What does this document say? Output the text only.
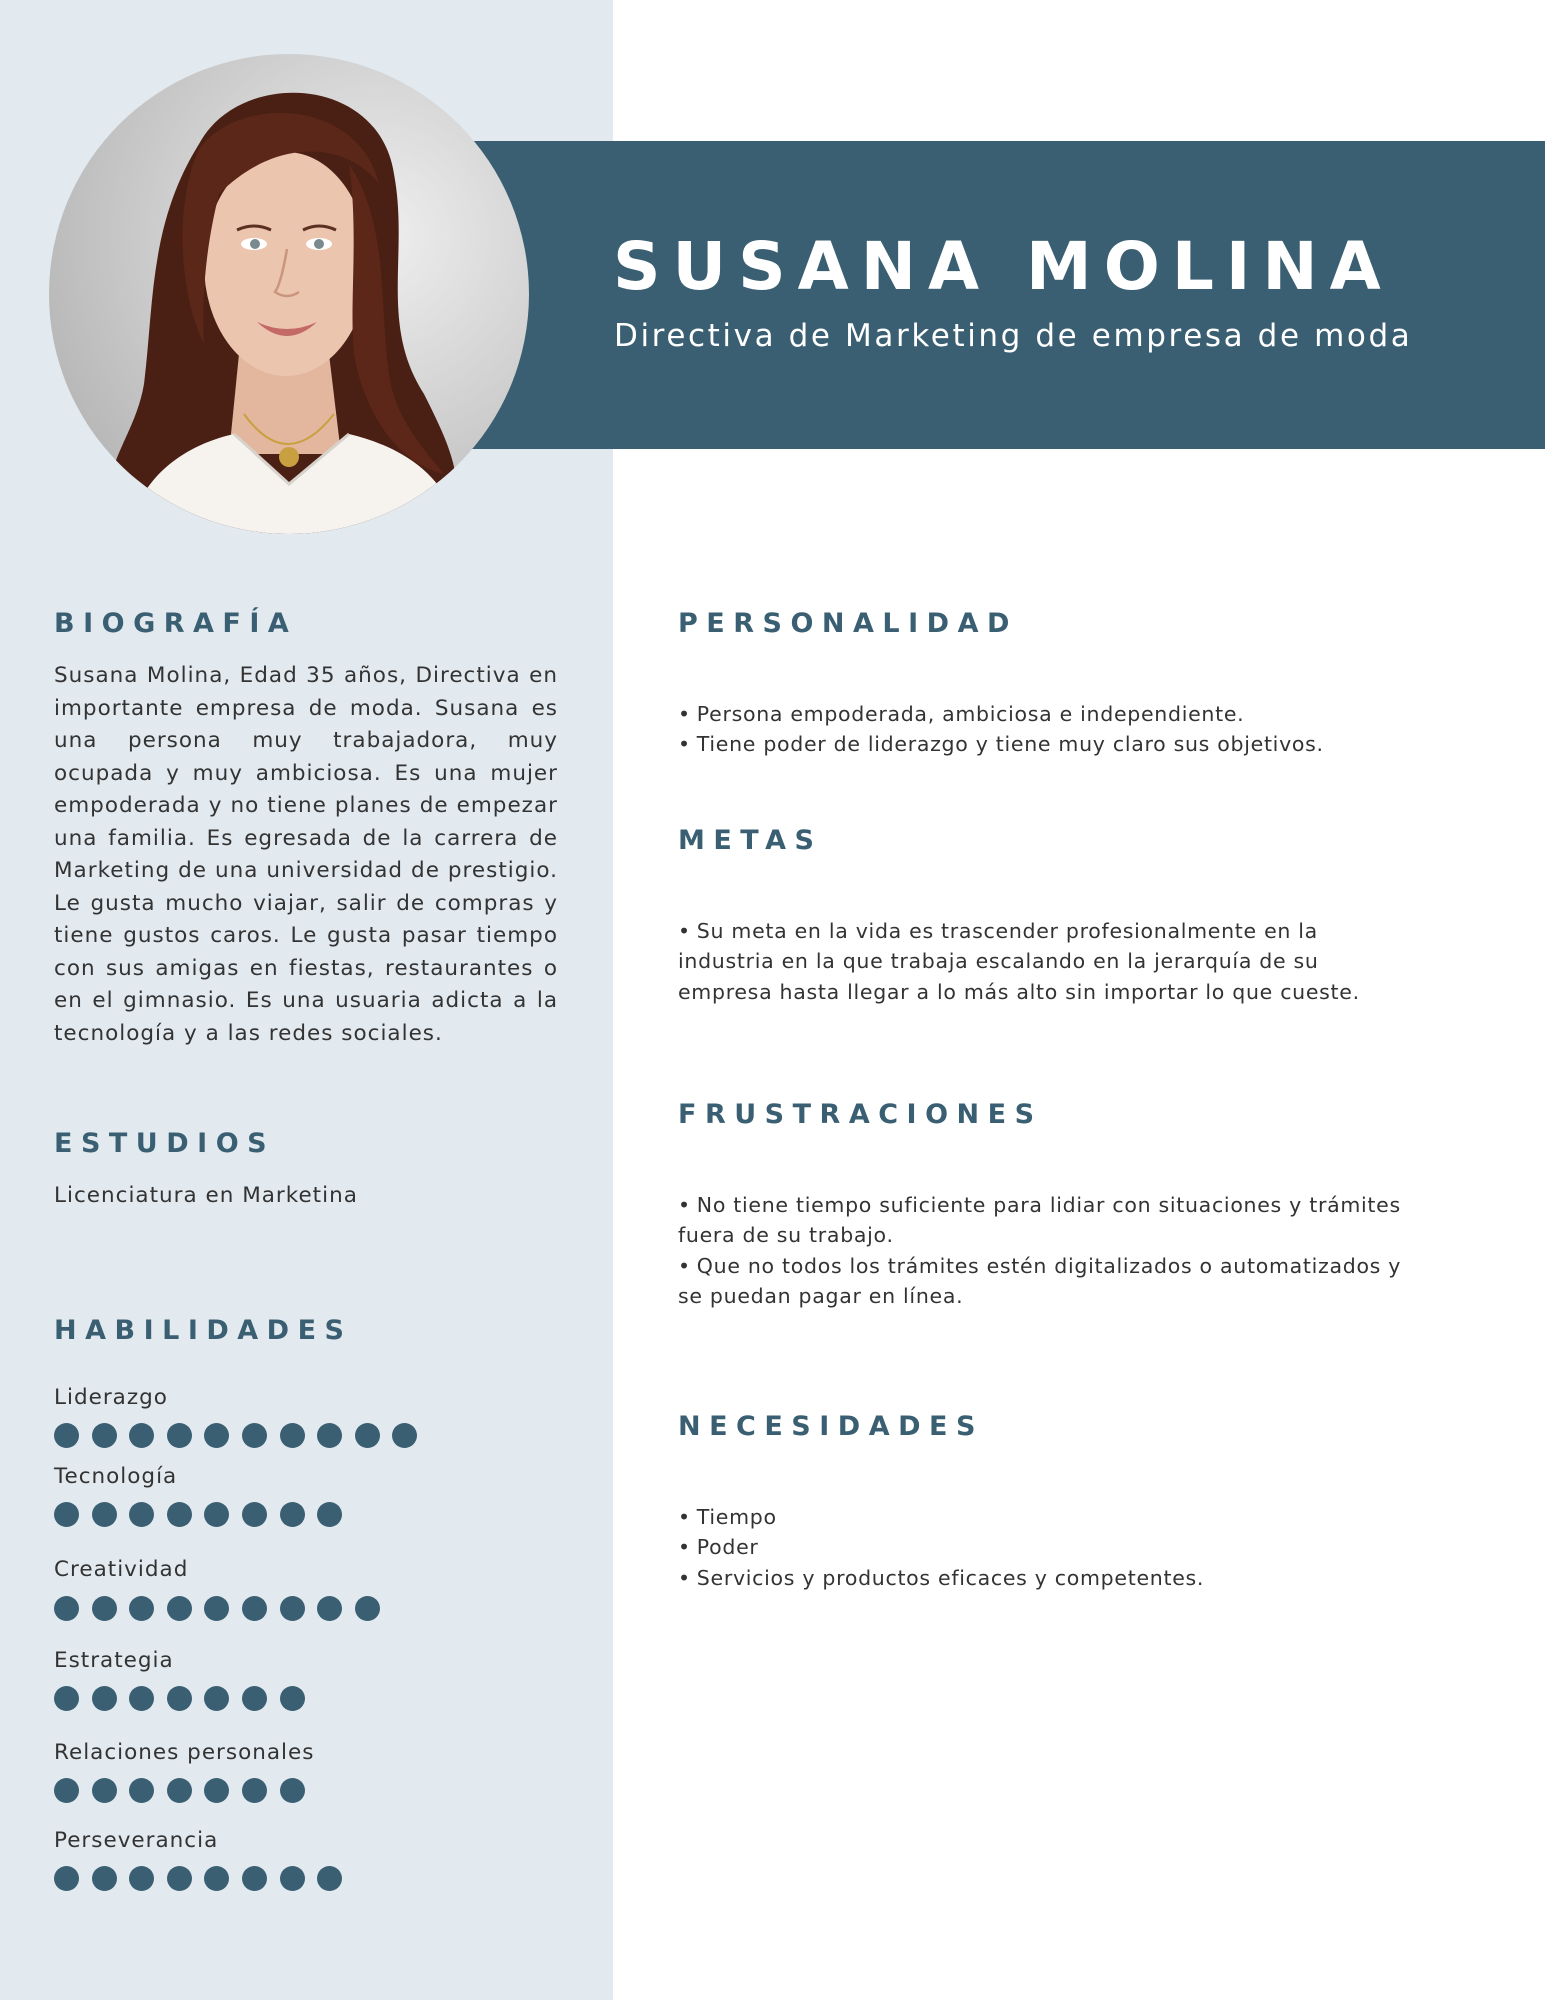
SUSANA MOLINA

Directiva de Marketing de empresa de moda

BIOGRAFÍA

Susana Molina, Edad 35 años, Directiva en importante empresa de moda. Susana es una persona muy trabajadora, muy ocupada y muy ambiciosa. Es una mujer empoderada y no tiene planes de empezar una familia. Es egresada de la carrera de Marketing de una universidad de prestigio. Le gusta mucho viajar, salir de compras y tiene gustos caros. Le gusta pasar tiempo con sus amigas en fiestas, restaurantes o en el gimnasio. Es una usuaria adicta a la tecnología y a las redes sociales.

ESTUDIOS

Licenciatura en Marketina

HABILIDADES

Liderazgo

Tecnología

Creatividad

Estrategia

Relaciones personales

Perseverancia

PERSONALIDAD
• Persona empoderada, ambiciosa e independiente.
• Tiene poder de liderazgo y tiene muy claro sus objetivos.
METAS
• Su meta en la vida es trascender profesionalmente en la industria en la que trabaja escalando en la jerarquía de su empresa hasta llegar a lo más alto sin importar lo que cueste.
FRUSTRACIONES
• No tiene tiempo suficiente para lidiar con situaciones y trámites fuera de su trabajo.
• Que no todos los trámites estén digitalizados o automatizados y se puedan pagar en línea.
NECESIDADES
• Tiempo
• Poder
• Servicios y productos eficaces y competentes.
